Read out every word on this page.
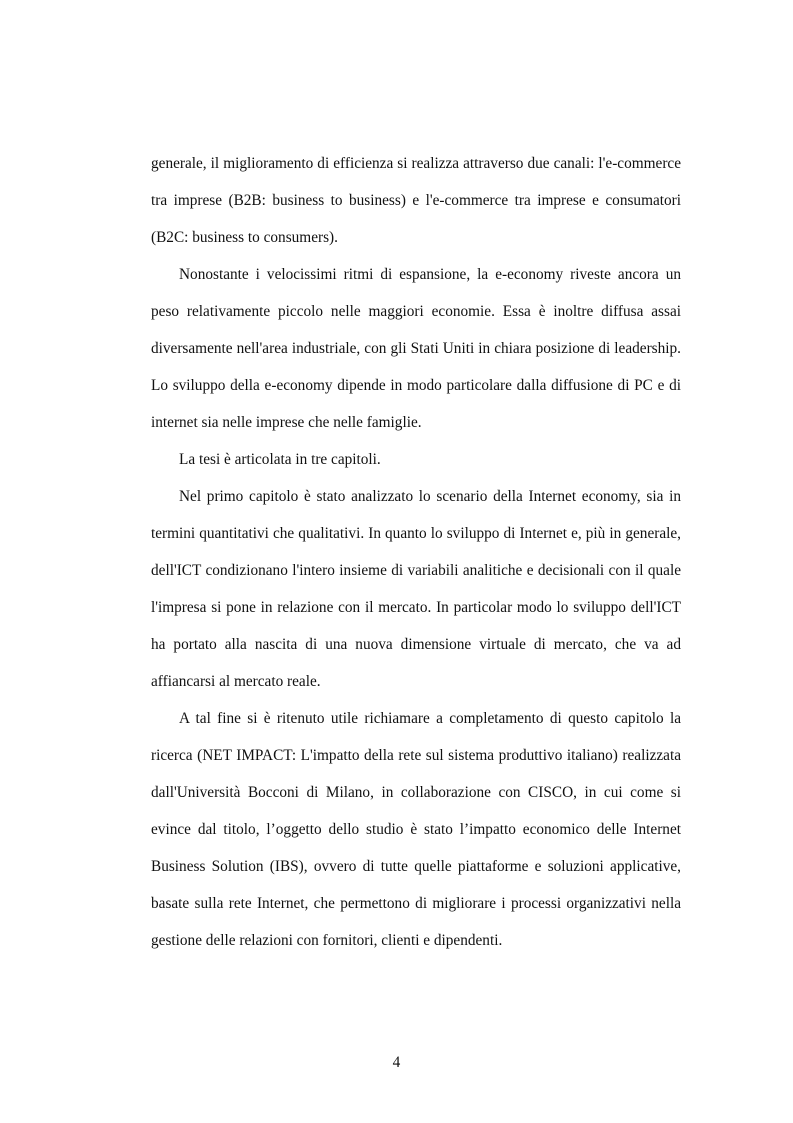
generale, il miglioramento di efficienza si realizza attraverso due canali: l'e-commerce tra imprese (B2B: business to business) e l'e-commerce tra imprese e consumatori (B2C: business to consumers).

Nonostante i velocissimi ritmi di espansione, la e-economy riveste ancora un peso relativamente piccolo nelle maggiori economie. Essa è inoltre diffusa assai diversamente nell'area industriale, con gli Stati Uniti in chiara posizione di leadership. Lo sviluppo della e-economy dipende in modo particolare dalla diffusione di PC e di internet sia nelle imprese che nelle famiglie.

La tesi è articolata in tre capitoli.

Nel primo capitolo è stato analizzato lo scenario della Internet economy, sia in termini quantitativi che qualitativi. In quanto lo sviluppo di Internet e, più in generale, dell'ICT condizionano l'intero insieme di variabili analitiche e decisionali con il quale l'impresa si pone in relazione con il mercato. In particolar modo lo sviluppo dell'ICT ha portato alla nascita di una nuova dimensione virtuale di mercato, che va ad affiancarsi al mercato reale.

A tal fine si è ritenuto utile richiamare a completamento di questo capitolo la ricerca (NET IMPACT: L'impatto della rete sul sistema produttivo italiano) realizzata dall'Università Bocconi di Milano, in collaborazione con CISCO, in cui come si evince dal titolo, l’oggetto dello studio è stato l’impatto economico delle Internet Business Solution (IBS), ovvero di tutte quelle piattaforme e soluzioni applicative, basate sulla rete Internet, che permettono di migliorare i processi organizzativi nella gestione delle relazioni con fornitori, clienti e dipendenti.

4
